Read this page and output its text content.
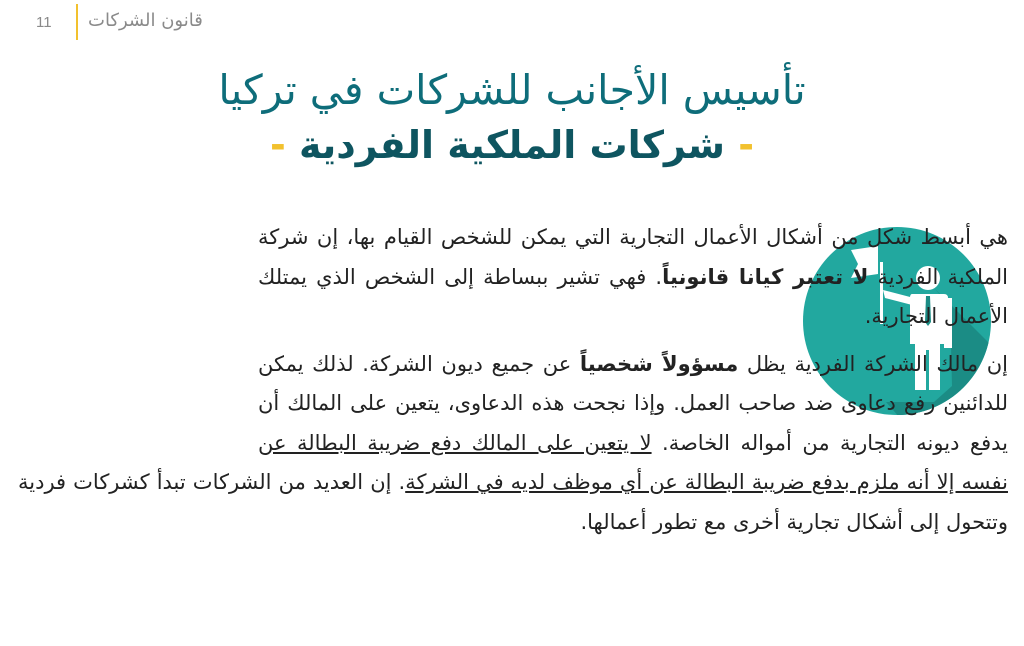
11 قانون الشركات
تأسيس الأجانب للشركات في تركيا
- شركات الملكية الفردية -

هي أبسط شكل من أشكال الأعمال التجارية التي يمكن للشخص القيام بها، إن شركة الملكية الفردية لا تعتبر كيانا قانونياً. فهي تشير ببساطة إلى الشخص الذي يمتلك الأعمال التجارية.

إن مالك الشركة الفردية يظل مسؤولاً شخصياً عن جميع ديون الشركة. لذلك يمكن للدائنين رفع دعاوى ضد صاحب العمل. وإذا نجحت هذه الدعاوى، يتعين على المالك أن يدفع ديونه التجارية من أمواله الخاصة. لا يتعين على المالك دفع ضريبة البطالة عن نفسه إلا أنه ملزم بدفع ضريبة البطالة عن أي موظف لديه في الشركة. إن العديد من الشركات تبدأ كشركات فردية وتتحول إلى أشكال تجارية أخرى مع تطور أعمالها.
